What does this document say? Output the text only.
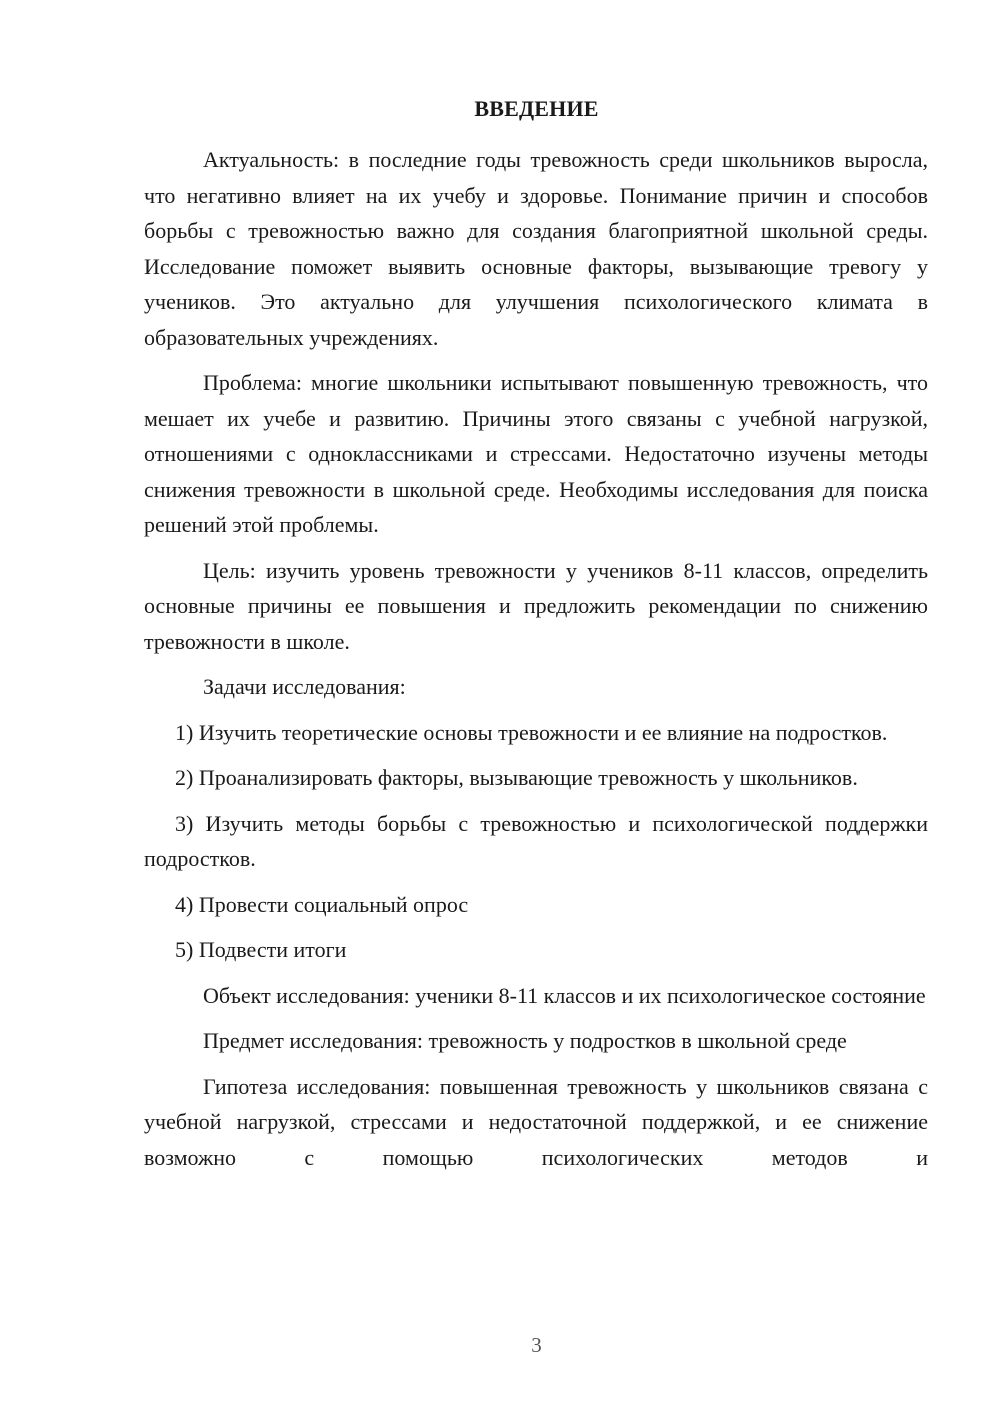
ВВЕДЕНИЕ

Актуальность: в последние годы тревожность среди школьников выросла, что негативно влияет на их учебу и здоровье. Понимание причин и способов борьбы с тревожностью важно для создания благоприятной школьной среды. Исследование поможет выявить основные факторы, вызывающие тревогу у учеников. Это актуально для улучшения психологического климата в образовательных учреждениях.

Проблема: многие школьники испытывают повышенную тревожность, что мешает их учебе и развитию. Причины этого связаны с учебной нагрузкой, отношениями с одноклассниками и стрессами. Недостаточно изучены методы снижения тревожности в школьной среде. Необходимы исследования для поиска решений этой проблемы.

Цель: изучить уровень тревожности у учеников 8-11 классов, определить основные причины ее повышения и предложить рекомендации по снижению тревожности в школе.

Задачи исследования:

1) Изучить теоретические основы тревожности и ее влияние на подростков.

2) Проанализировать факторы, вызывающие тревожность у школьников.

3) Изучить методы борьбы с тревожностью и психологической поддержки подростков.

4) Провести социальный опрос

5) Подвести итоги

Объект исследования: ученики 8-11 классов и их психологическое состояние

Предмет исследования: тревожность у подростков в школьной среде

Гипотеза исследования: повышенная тревожность у школьников связана с учебной нагрузкой, стрессами и недостаточной поддержкой, и ее снижение возможно с помощью психологических методов и

3
